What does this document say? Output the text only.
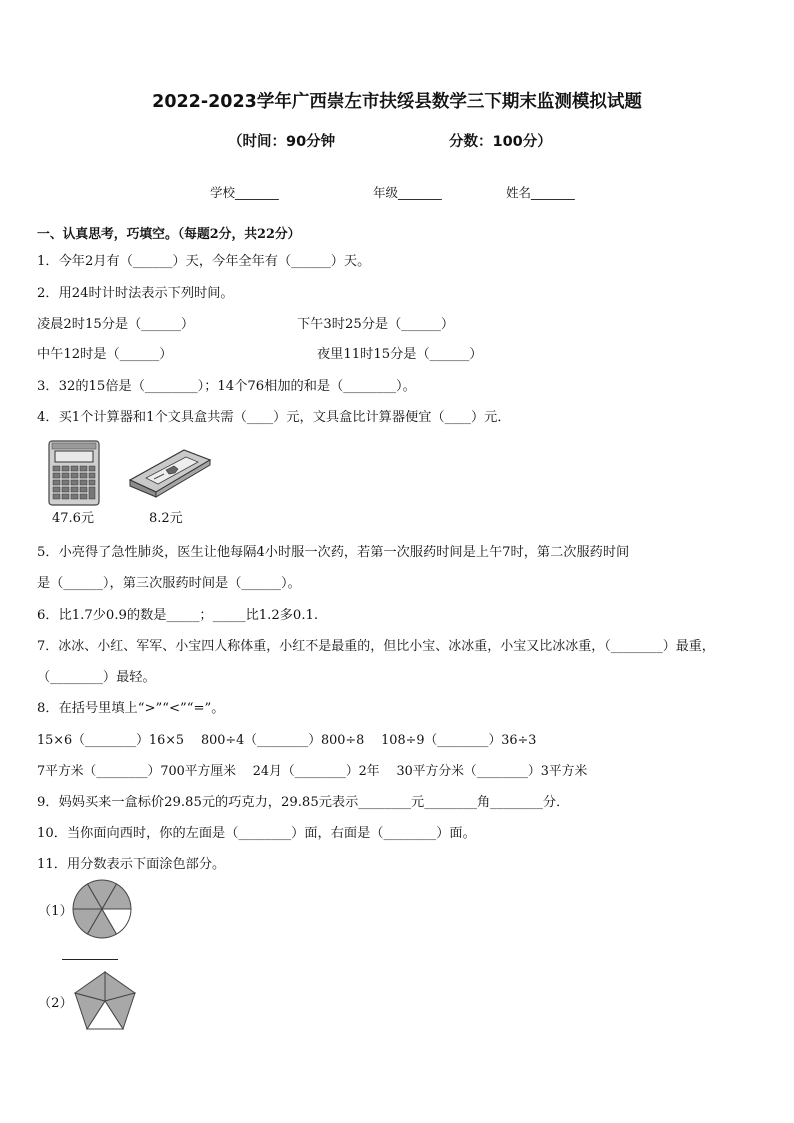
2022-2023学年广西崇左市扶绥县数学三下期末监测模拟试题
（时间：90分钟	分数：100分）
学校_______	年级_______	姓名_______
一、认真思考，巧填空。（每题2分，共22分）
1．今年2月有（______）天，今年全年有（______）天。
2．用24时计时法表示下列时间。
凌晨2时15分是（______）	下午3时25分是（______）
中午12时是（______）	夜里11时15分是（______）
3．32的15倍是（________）；14个76相加的和是（________）。
4．买1个计算器和1个文具盒共需（____）元，文具盒比计算器便宜（____）元．
47.6元	8.2元
5．小亮得了急性肺炎，医生让他每隔4小时服一次药，若第一次服药时间是上午7时，第二次服药时间
是（______），第三次服药时间是（______）。
6．比1.7少0.9的数是_____；_____比1.2多0.1.
7．冰冰、小红、军军、小宝四人称体重，小红不是最重的，但比小宝、冰冰重，小宝又比冰冰重，（________）最重，
（________）最轻。
8．在括号里填上“>”“<”“=”。
15×6（________）16×5　 800÷4（________）800÷8　 108÷9（________）36÷3
7平方米（________）700平方厘米　 24月（________）2年　 30平方分米（________）3平方米
9．妈妈买来一盒标价29.85元的巧克力，29.85元表示________元________角________分．
10．当你面向西时，你的左面是（________）面，右面是（________）面。
11．用分数表示下面涂色部分。
（1）
（2）
